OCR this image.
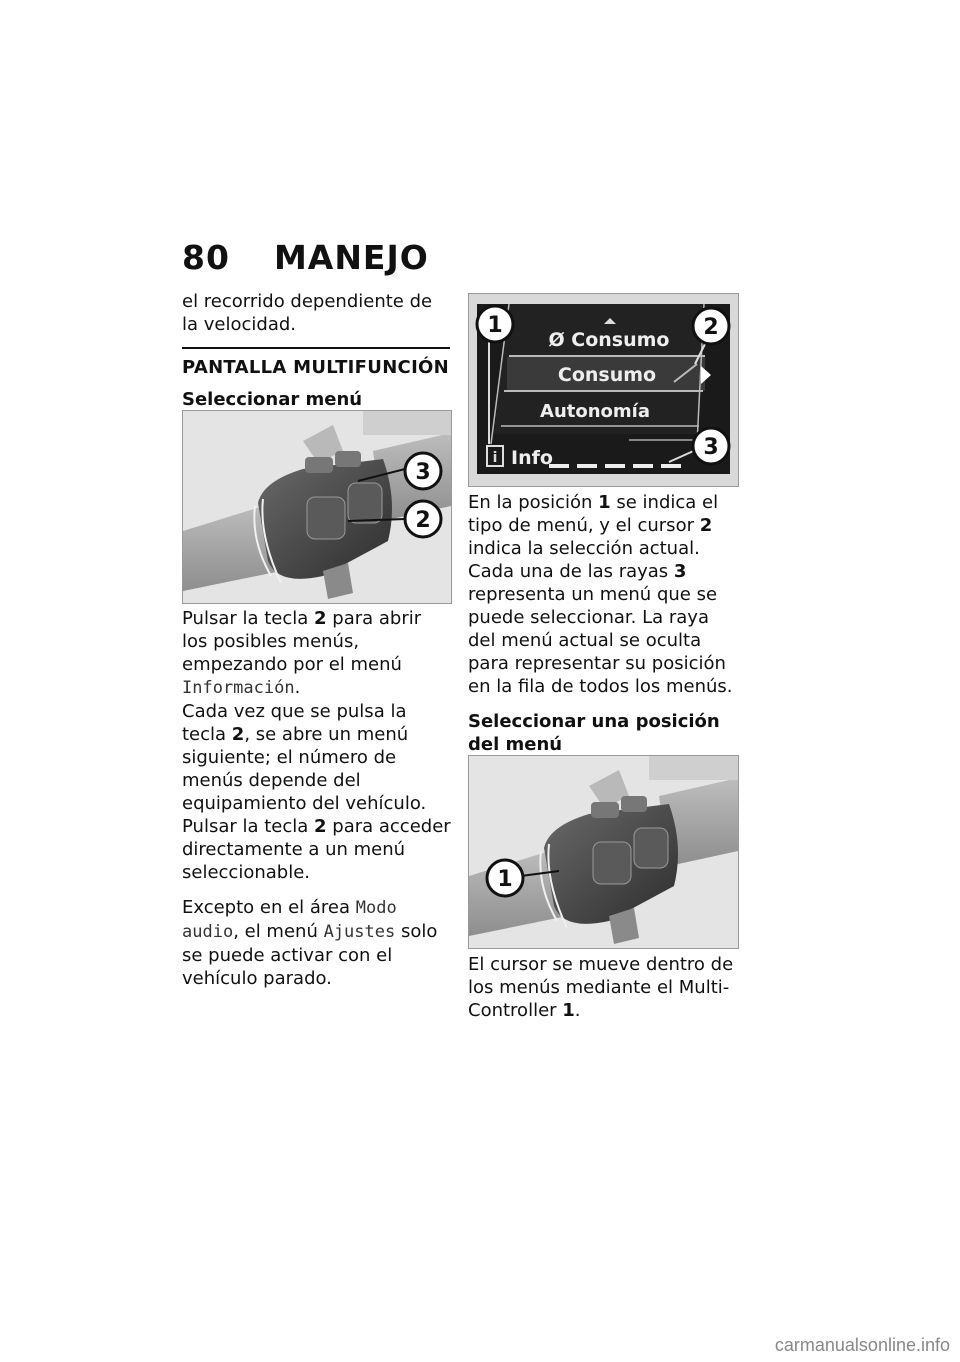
80 MANEJO

el recorrido dependiente de la velocidad.

PANTALLA MULTIFUNCIÓN

Seleccionar menú

3
2

Pulsar la tecla 2 para abrir los posibles menús, empezando por el menú Información.

Cada vez que se pulsa la tecla 2, se abre un menú siguiente; el número de menús depende del equipamiento del vehículo.

Pulsar la tecla 2 para acceder directamente a un menú seleccionable.

Excepto en el área Modo audio, el menú Ajustes solo se puede activar con el vehículo parado.

Ø Consumo
Consumo
Autonomía
i Info
1	2
3

En la posición 1 se indica el tipo de menú, y el cursor 2 indica la selección actual. Cada una de las rayas 3 representa un menú que se puede seleccionar. La raya del menú actual se oculta para representar su posición en la fila de todos los menús.

Seleccionar una posición del menú

1

El cursor se mueve dentro de los menús mediante el Multi-Controller 1.

carmanualsonline.info
